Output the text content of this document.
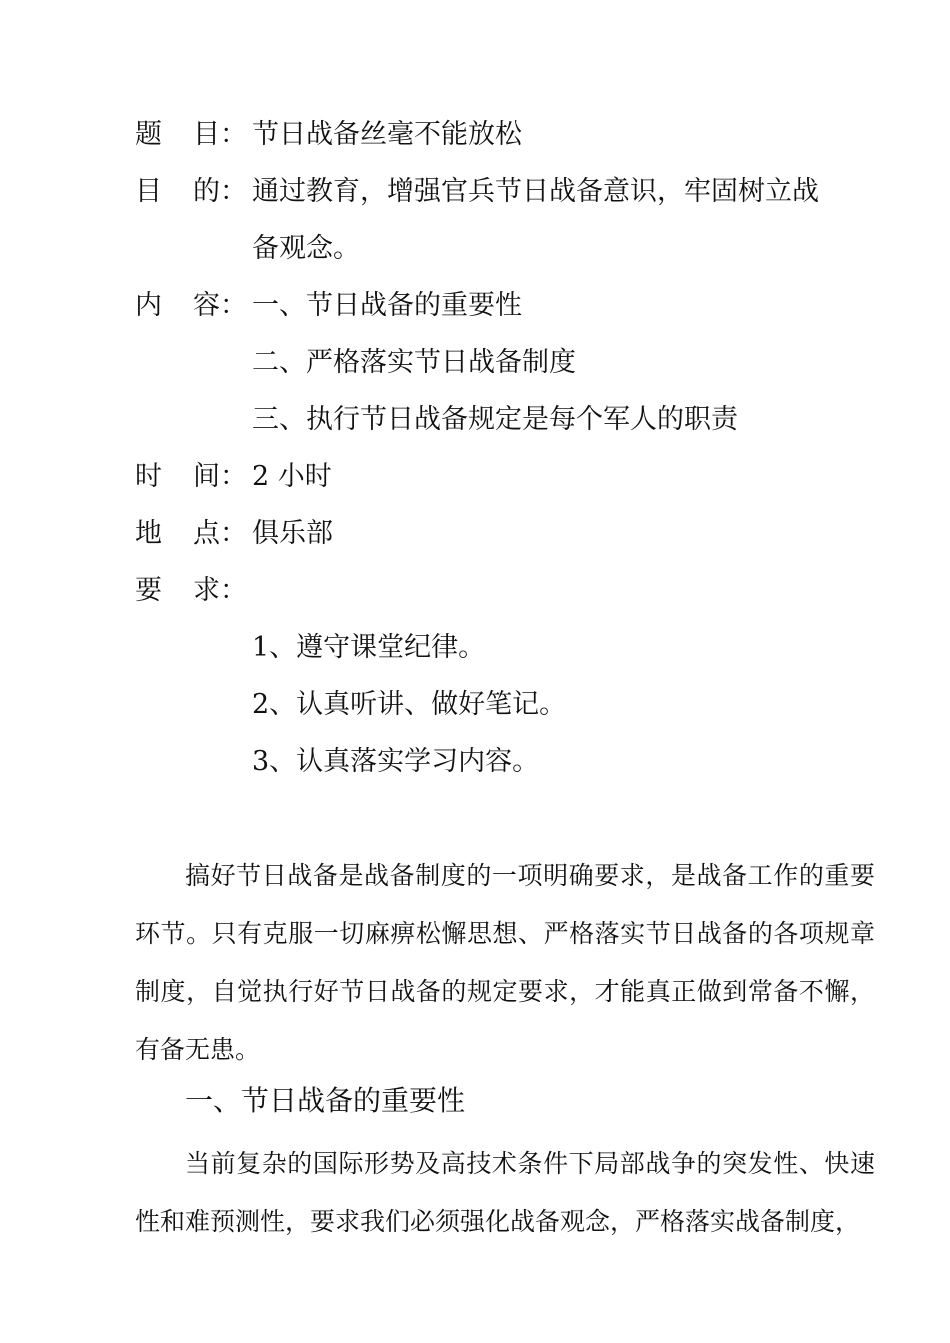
题 目： 节日战备丝毫不能放松
目 的： 通过教育，增强官兵节日战备意识，牢固树立战
备观念。
内 容： 一、节日战备的重要性
二、严格落实节日战备制度
三、执行节日战备规定是每个军人的职责
时 间： 2 小时
地 点： 俱乐部
要 求：
1、遵守课堂纪律。
2、认真听讲、做好笔记。
3、认真落实学习内容。

搞好节日战备是战备制度的一项明确要求，是战备工作的重要环节。只有克服一切麻痹松懈思想、严格落实节日战备的各项规章制度，自觉执行好节日战备的规定要求，才能真正做到常备不懈，有备无患。

一、节日战备的重要性

当前复杂的国际形势及高技术条件下局部战争的突发性、快速性和难预测性，要求我们必须强化战备观念，严格落实战备制度，
